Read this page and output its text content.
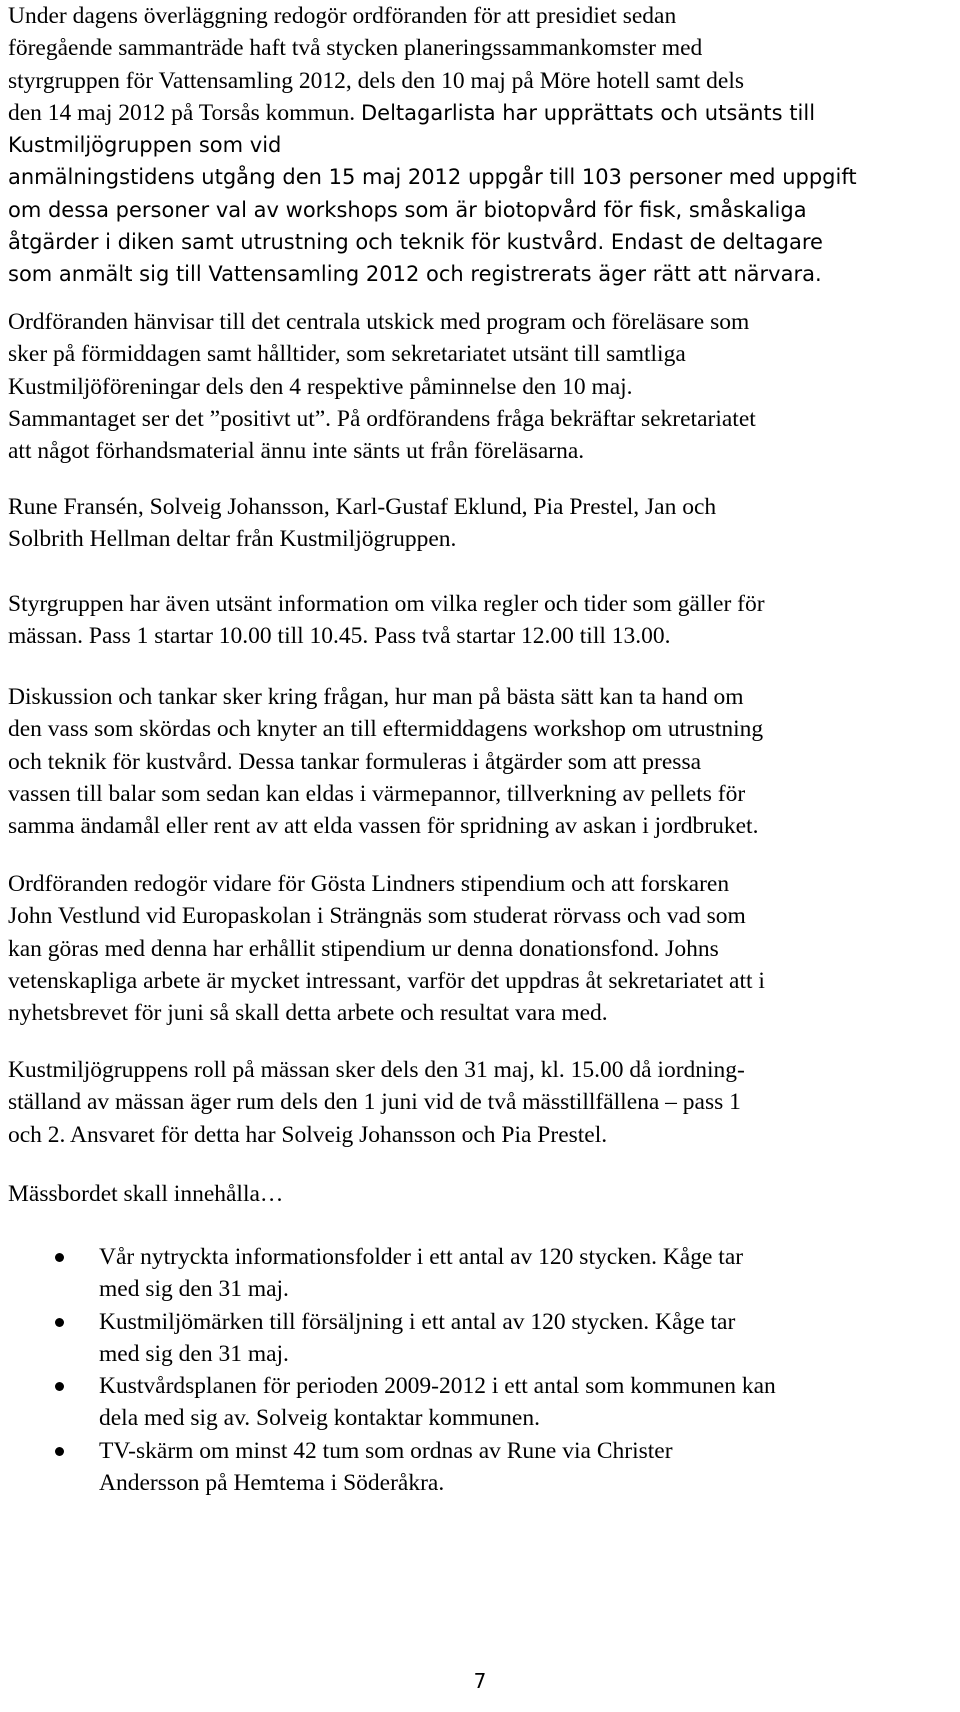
Under dagens överläggning redogör ordföranden för att presidiet sedan
föregående sammanträde haft två stycken planeringssammankomster med
styrgruppen för Vattensamling 2012, dels den 10 maj på Möre hotell samt dels
den 14 maj 2012 på Torsås kommun. Deltagarlista har upprättats och utsänts till Kustmiljögruppen som vid
anmälningstidens utgång den 15 maj 2012 uppgår till 103 personer med uppgift
om dessa personer val av workshops som är biotopvård för fisk, småskaliga
åtgärder i diken samt utrustning och teknik för kustvård. Endast de deltagare
som anmält sig till Vattensamling 2012 och registrerats äger rätt att närvara.

Ordföranden hänvisar till det centrala utskick med program och föreläsare som
sker på förmiddagen samt hålltider, som sekretariatet utsänt till samtliga
Kustmiljöföreningar dels den 4 respektive påminnelse den 10 maj.
Sammantaget ser det ”positivt ut”. På ordförandens fråga bekräftar sekretariatet
att något förhandsmaterial ännu inte sänts ut från föreläsarna.

Rune Fransén, Solveig Johansson, Karl-Gustaf Eklund, Pia Prestel, Jan och
Solbrith Hellman deltar från Kustmiljögruppen.

Styrgruppen har även utsänt information om vilka regler och tider som gäller för
mässan. Pass 1 startar 10.00 till 10.45. Pass två startar 12.00 till 13.00.

Diskussion och tankar sker kring frågan, hur man på bästa sätt kan ta hand om
den vass som skördas och knyter an till eftermiddagens workshop om utrustning
och teknik för kustvård. Dessa tankar formuleras i åtgärder som att pressa
vassen till balar som sedan kan eldas i värmepannor, tillverkning av pellets för
samma ändamål eller rent av att elda vassen för spridning av askan i jordbruket.

Ordföranden redogör vidare för Gösta Lindners stipendium och att forskaren
John Vestlund vid Europaskolan i Strängnäs som studerat rörvass och vad som
kan göras med denna har erhållit stipendium ur denna donationsfond. Johns
vetenskapliga arbete är mycket intressant, varför det uppdras åt sekretariatet att i
nyhetsbrevet för juni så skall detta arbete och resultat vara med.

Kustmiljögruppens roll på mässan sker dels den 31 maj, kl. 15.00 då iordning-
ställand av mässan äger rum dels den 1 juni vid de två mässtillfällena – pass 1
och 2. Ansvaret för detta har Solveig Johansson och Pia Prestel.

Mässbordet skall innehålla…

Vår nytryckta informationsfolder i ett antal av 120 stycken. Kåge tar
med sig den 31 maj.
Kustmiljömärken till försäljning i ett antal av 120 stycken. Kåge tar
med sig den 31 maj.
Kustvårdsplanen för perioden 2009-2012 i ett antal som kommunen kan
dela med sig av. Solveig kontaktar kommunen.
TV-skärm om minst 42 tum som ordnas av Rune via Christer
Andersson på Hemtema i Söderåkra.
7
